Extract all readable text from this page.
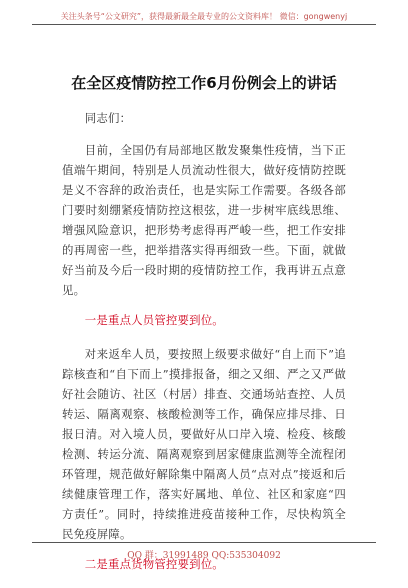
关注头条号“公文研究”，获得最新最全最专业的公文资料库！ 微信：gongwenyj
在全区疫情防控工作6月份例会上的讲话

同志们：

目前，全国仍有局部地区散发聚集性疫情，当下正值端午期间，特别是人员流动性很大，做好疫情防控既是义不容辞的政治责任，也是实际工作需要。各级各部门要时刻绷紧疫情防控这根弦，进一步树牢底线思维、增强风险意识，把形势考虑得再严峻一些，把工作安排的再周密一些，把举措落实得再细致一些。下面，就做好当前及今后一段时期的疫情防控工作，我再讲五点意见。

一是重点人员管控要到位。

对来返牟人员，要按照上级要求做好“自上而下”追踪核查和“自下而上”摸排报备，细之又细、严之又严做好社会随访、社区（村居）排查、交通场站查控、人员转运、隔离观察、核酸检测等工作，确保应排尽排、日报日清。对入境人员，要做好从口岸入境、检疫、核酸检测、转运分流、隔离观察到居家健康监测等全流程闭环管理，规范做好解除集中隔离人员“点对点”接返和后续健康管理工作，落实好属地、单位、社区和家庭“四方责任”。同时，持续推进疫苗接种工作，尽快构筑全民免疫屏障。

二是重点货物管控要到位。

QQ 群：31991489 QQ:535304092
